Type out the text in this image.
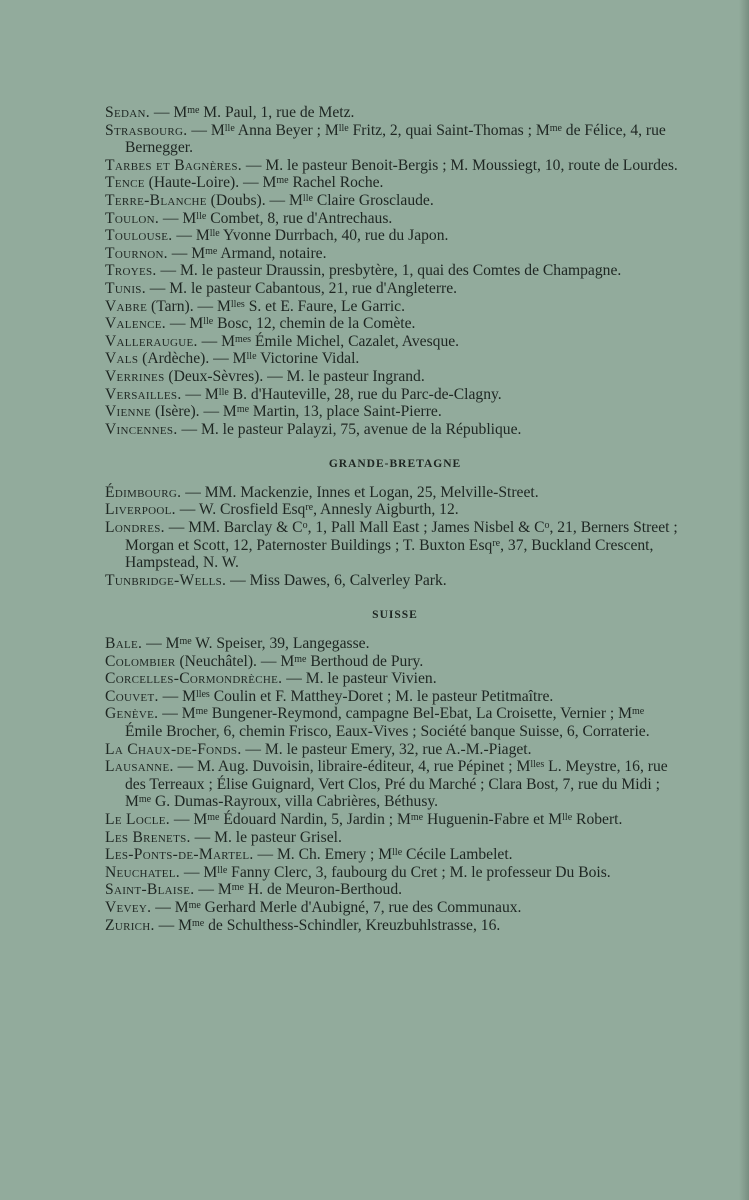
Sedan. — $M^{me}$ M. Paul, 1, rue de Metz.

Strasbourg. — $M^{lle}$ Anna Beyer ; $M^{lle}$ Fritz, 2, quai Saint-Thomas ; $M^{me}$ de Félice, 4, rue Bernegger.

Tarbes et Bagnères. — M. le pasteur Benoit-Bergis ; M. Moussiegt, 10, route de Lourdes.

Tence (Haute-Loire). — $M^{me}$ Rachel Roche.

Terre-Blanche (Doubs). — $M^{lle}$ Claire Grosclaude.

Toulon. — $M^{lle}$ Combet, 8, rue d'Antrechaus.

Toulouse. — $M^{lle}$ Yvonne Durrbach, 40, rue du Japon.

Tournon. — $M^{me}$ Armand, notaire.

Troyes. — M. le pasteur Draussin, presbytère, 1, quai des Comtes de Champagne.

Tunis. — M. le pasteur Cabantous, 21, rue d'Angleterre.

Vabre (Tarn). — $M^{lles}$ S. et E. Faure, Le Garric.

Valence. — $M^{lle}$ Bosc, 12, chemin de la Comète.

Valleraugue. — $M^{mes}$ Émile Michel, Cazalet, Avesque.

Vals (Ardèche). — $M^{lle}$ Victorine Vidal.

Verrines (Deux-Sèvres). — M. le pasteur Ingrand.

Versailles. — $M^{lle}$ B. d'Hauteville, 28, rue du Parc-de-Clagny.

Vienne (Isère). — $M^{me}$ Martin, 13, place Saint-Pierre.

Vincennes. — M. le pasteur Palayzi, 75, avenue de la République.

GRANDE-BRETAGNE

Édimbourg. — MM. Mackenzie, Innes et Logan, 25, Melville-Street.

Liverpool. — W. Crosfield Esq$^{re}$, Annesly Aigburth, 12.

Londres. — MM. Barclay & $C^o$, 1, Pall Mall East ; James Nisbel & $C^o$, 21, Berners Street ; Morgan et Scott, 12, Paternoster Buildings ; T. Buxton Esq$^{re}$, 37, Buckland Crescent, Hampstead, N. W.

Tunbridge-Wells. — Miss Dawes, 6, Calverley Park.

SUISSE

Bale. — $M^{me}$ W. Speiser, 39, Langegasse.

Colombier (Neuchâtel). — $M^{me}$ Berthoud de Pury.

Corcelles-Cormondrèche. — M. le pasteur Vivien.

Couvet. — $M^{lles}$ Coulin et F. Matthey-Doret ; M. le pasteur Petitmaître.

Genève. — $M^{me}$ Bungener-Reymond, campagne Bel-Ebat, La Croisette, Vernier ; $M^{me}$ Émile Brocher, 6, chemin Frisco, Eaux-Vives ; Société banque Suisse, 6, Corraterie.

La Chaux-de-Fonds. — M. le pasteur Emery, 32, rue A.-M.-Piaget.

Lausanne. — M. Aug. Duvoisin, libraire-éditeur, 4, rue Pépinet ; $M^{lles}$ L. Meystre, 16, rue des Terreaux ; Élise Guignard, Vert Clos, Pré du Marché ; Clara Bost, 7, rue du Midi ; $M^{me}$ G. Dumas-Rayroux, villa Cabrières, Béthusy.

Le Locle. — $M^{me}$ Édouard Nardin, 5, Jardin ; $M^{me}$ Huguenin-Fabre et $M^{lle}$ Robert.

Les Brenets. — M. le pasteur Grisel.

Les-Ponts-de-Martel. — M. Ch. Emery ; $M^{lle}$ Cécile Lambelet.

Neuchatel. — $M^{lle}$ Fanny Clerc, 3, faubourg du Cret ; M. le professeur Du Bois.

Saint-Blaise. — $M^{me}$ H. de Meuron-Berthoud.

Vevey. — $M^{me}$ Gerhard Merle d'Aubigné, 7, rue des Communaux.

Zurich. — $M^{me}$ de Schulthess-Schindler, Kreuzbuhlstrasse, 16.
